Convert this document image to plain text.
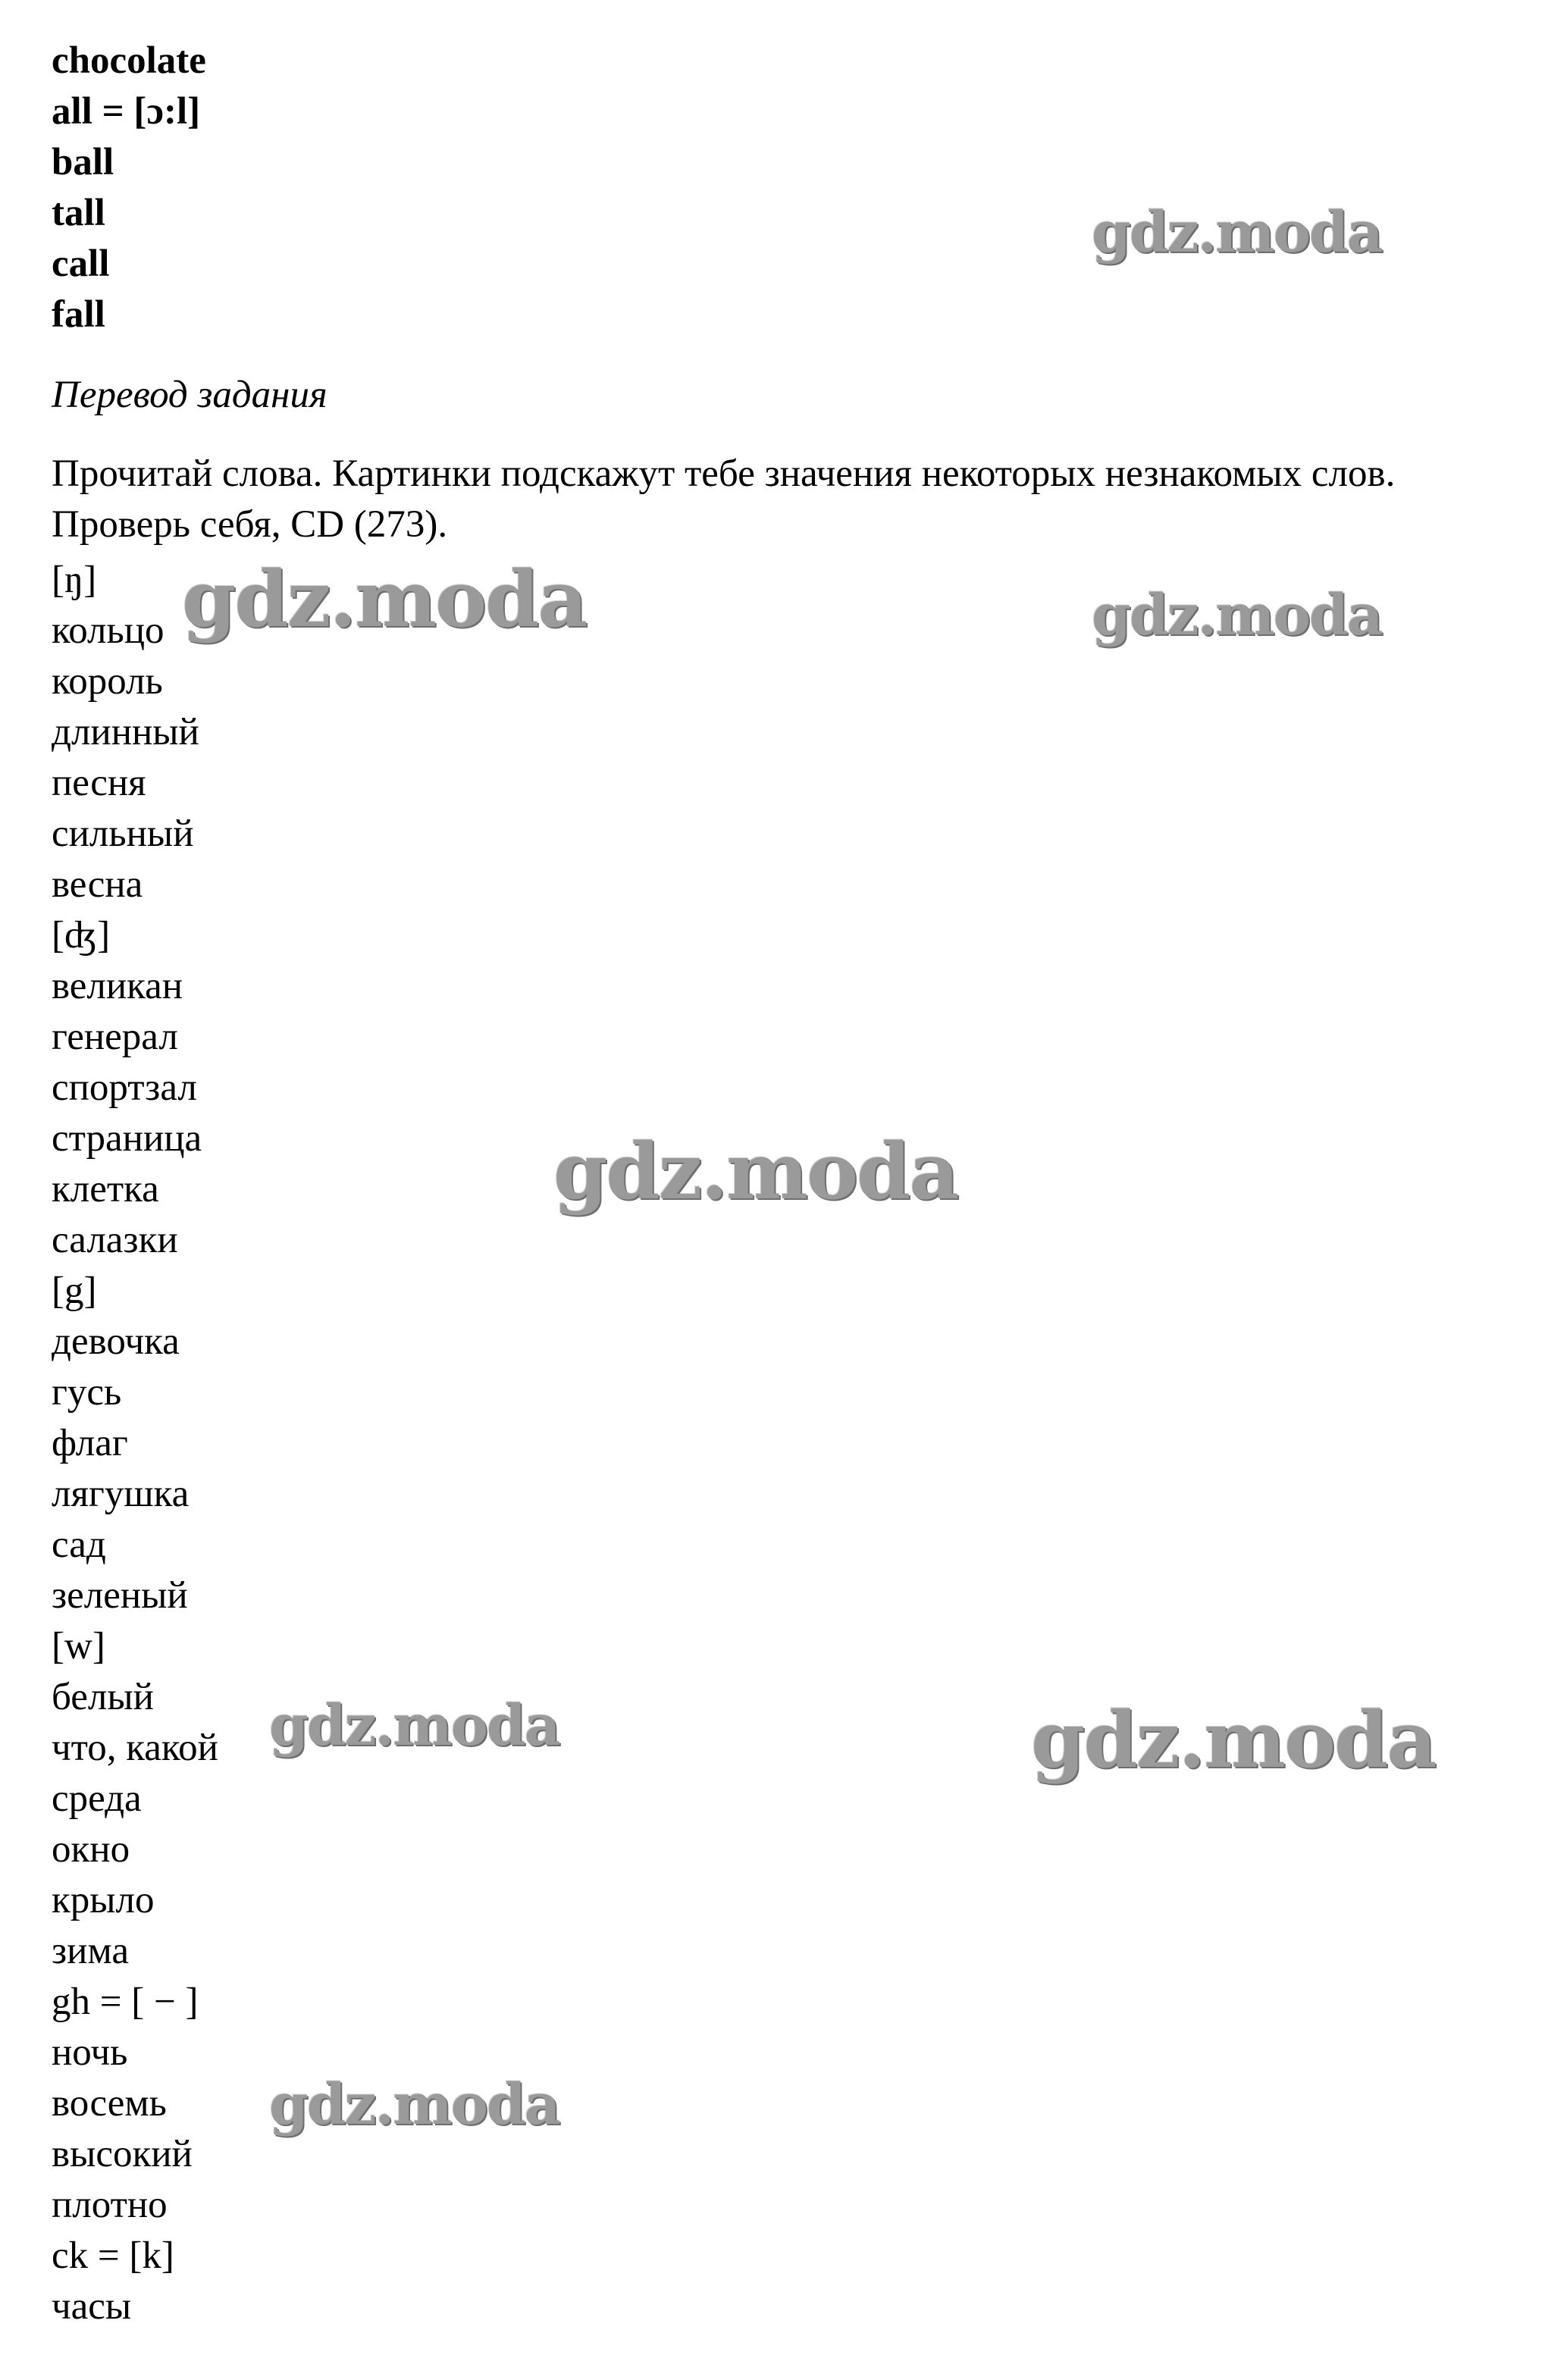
chocolate
all = [ɔ:l]
ball
tall
call
fall
Перевод задания
Прочитай слова. Картинки подскажут тебе значения некоторых незнакомых слов. Проверь себя, CD (273).
[ŋ]
кольцо
король
длинный
песня
сильный
весна
[ʤ]
великан
генерал
спортзал
страница
клетка
салазки
[g]
девочка
гусь
флаг
лягушка
сад
зеленый
[w]
белый
что, какой
среда
окно
крыло
зима
gh = [ − ]
ночь
восемь
высокий
плотно
ck = [k]
часы
gdz.moda
gdz.moda	gdz.moda
gdz.moda
gdz.moda	gdz.moda
gdz.moda
